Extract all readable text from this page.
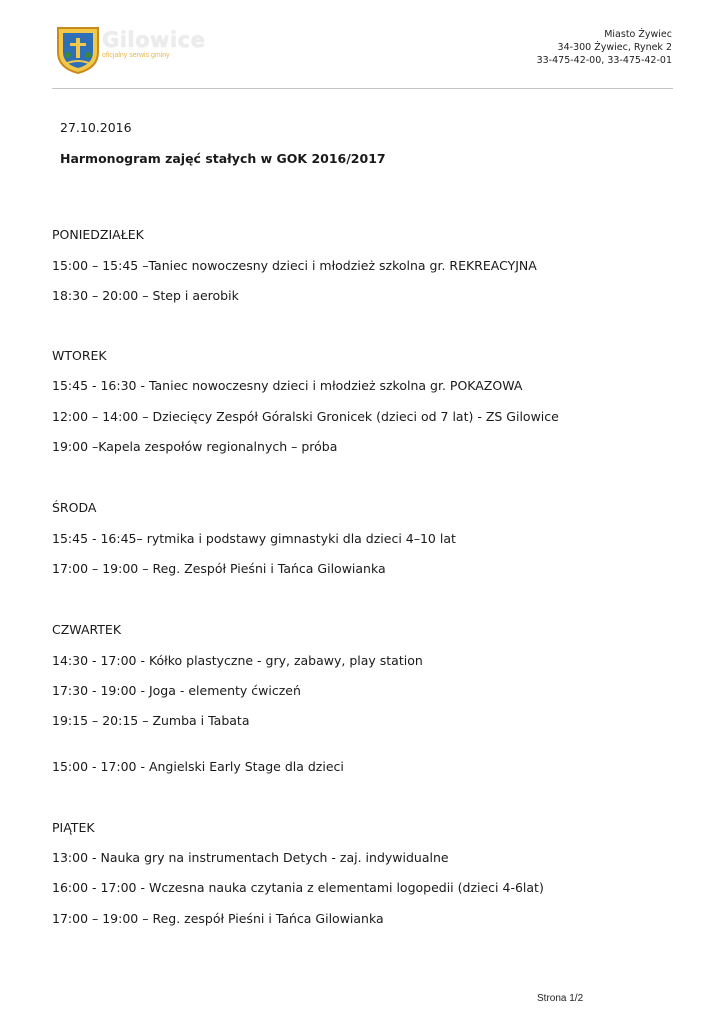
Gilowice
oficjalny serwis gminy
Miasto Żywiec
34-300 Żywiec, Rynek 2
33-475-42-00, 33-475-42-01
27.10.2016
Harmonogram zajęć stałych w GOK 2016/2017
PONIEDZIAŁEK
15:00 – 15:45 –Taniec nowoczesny dzieci i młodzież szkolna gr. REKREACYJNA
18:30 – 20:00 – Step i aerobik
WTOREK
15:45 - 16:30 - Taniec nowoczesny dzieci i młodzież szkolna gr. POKAZOWA
12:00 – 14:00 – Dziecięcy Zespół Góralski Gronicek (dzieci od 7 lat) - ZS Gilowice
19:00 –Kapela zespołów regionalnych – próba
ŚRODA
15:45 - 16:45– rytmika i podstawy gimnastyki dla dzieci 4–10 lat
17:00 – 19:00 – Reg. Zespół Pieśni i Tańca Gilowianka
CZWARTEK
14:30 - 17:00 - Kółko plastyczne - gry, zabawy, play station
17:30 - 19:00 - Joga - elementy ćwiczeń
19:15 – 20:15 – Zumba i Tabata
15:00 - 17:00 - Angielski Early Stage dla dzieci
PIĄTEK
13:00 - Nauka gry na instrumentach Detych - zaj. indywidualne
16:00 - 17:00 - Wczesna nauka czytania z elementami logopedii (dzieci 4-6lat)
17:00 – 19:00 – Reg. zespół Pieśni i Tańca Gilowianka
Strona 1/2
